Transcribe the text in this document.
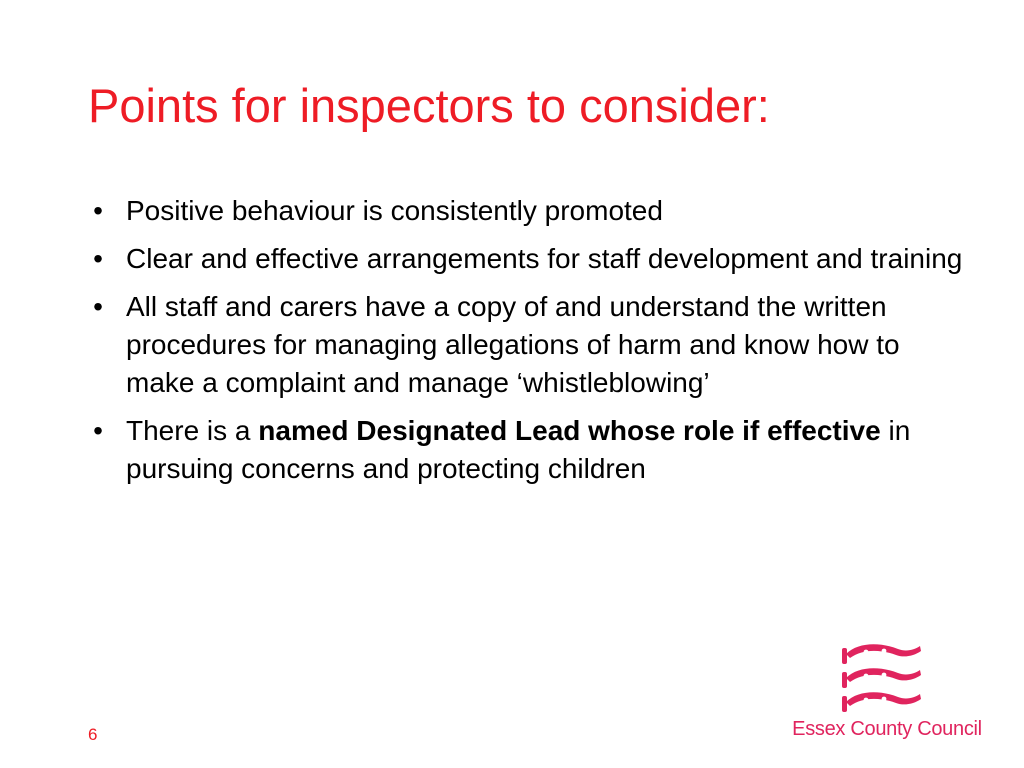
Points for inspectors to consider:
• Positive behaviour is consistently promoted
• Clear and effective arrangements for staff development and training
• All staff and carers have a copy of and understand the written procedures for managing allegations of harm and know how to make a complaint and manage ‘whistleblowing’
• There is a named Designated Lead whose role if effective in pursuing concerns and protecting children
6	Essex County Council
